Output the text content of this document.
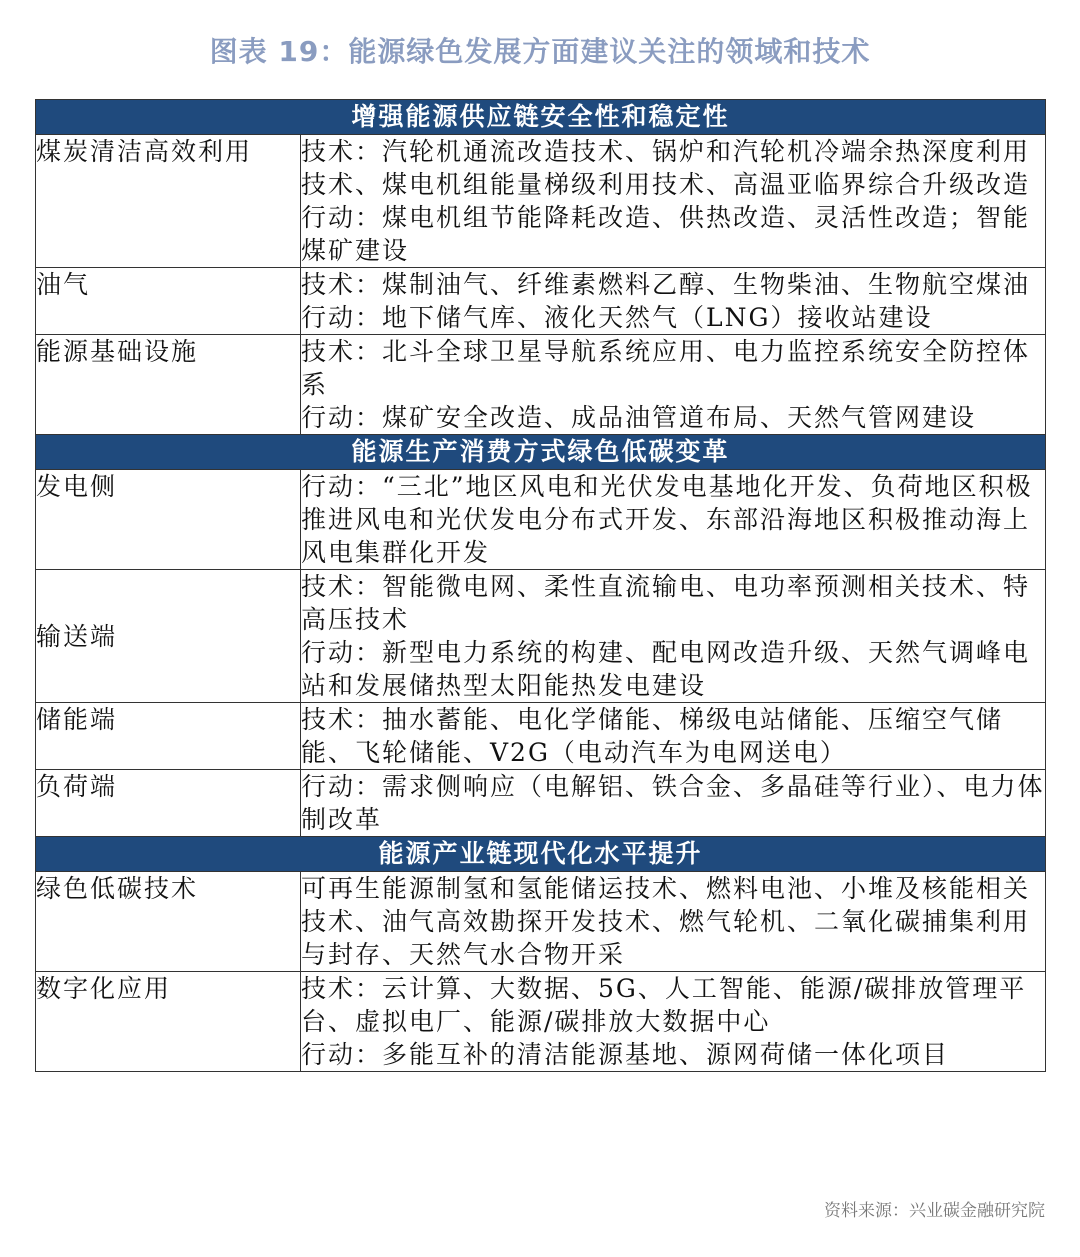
图表 19：能源绿色发展方面建议关注的领域和技术
增强能源供应链安全性和稳定性	
煤炭清洁高效利用	技术：汽轮机通流改造技术、锅炉和汽轮机冷端余热深度利用技术、煤电机组能量梯级利用技术、高温亚临界综合升级改造
行动：煤电机组节能降耗改造、供热改造、灵活性改造；智能煤矿建设
油气	技术：煤制油气、纤维素燃料乙醇、生物柴油、生物航空煤油
行动：地下储气库、液化天然气（LNG）接收站建设
能源基础设施	技术：北斗全球卫星导航系统应用、电力监控系统安全防控体系
行动：煤矿安全改造、成品油管道布局、天然气管网建设
能源生产消费方式绿色低碳变革	
发电侧	行动：“三北”地区风电和光伏发电基地化开发、负荷地区积极推进风电和光伏发电分布式开发、东部沿海地区积极推动海上风电集群化开发
输送端	技术：智能微电网、柔性直流输电、电功率预测相关技术、特高压技术
行动：新型电力系统的构建、配电网改造升级、天然气调峰电站和发展储热型太阳能热发电建设
储能端	技术：抽水蓄能、电化学储能、梯级电站储能、压缩空气储能、飞轮储能、V2G（电动汽车为电网送电）
负荷端	行动：需求侧响应（电解铝、铁合金、多晶硅等行业）、电力体制改革
能源产业链现代化水平提升	
绿色低碳技术	可再生能源制氢和氢能储运技术、燃料电池、小堆及核能相关技术、油气高效勘探开发技术、燃气轮机、二氧化碳捕集利用与封存、天然气水合物开采
数字化应用	技术：云计算、大数据、5G、人工智能、能源/碳排放管理平台、虚拟电厂、能源/碳排放大数据中心
行动：多能互补的清洁能源基地、源网荷储一体化项目
资料来源：兴业碳金融研究院
